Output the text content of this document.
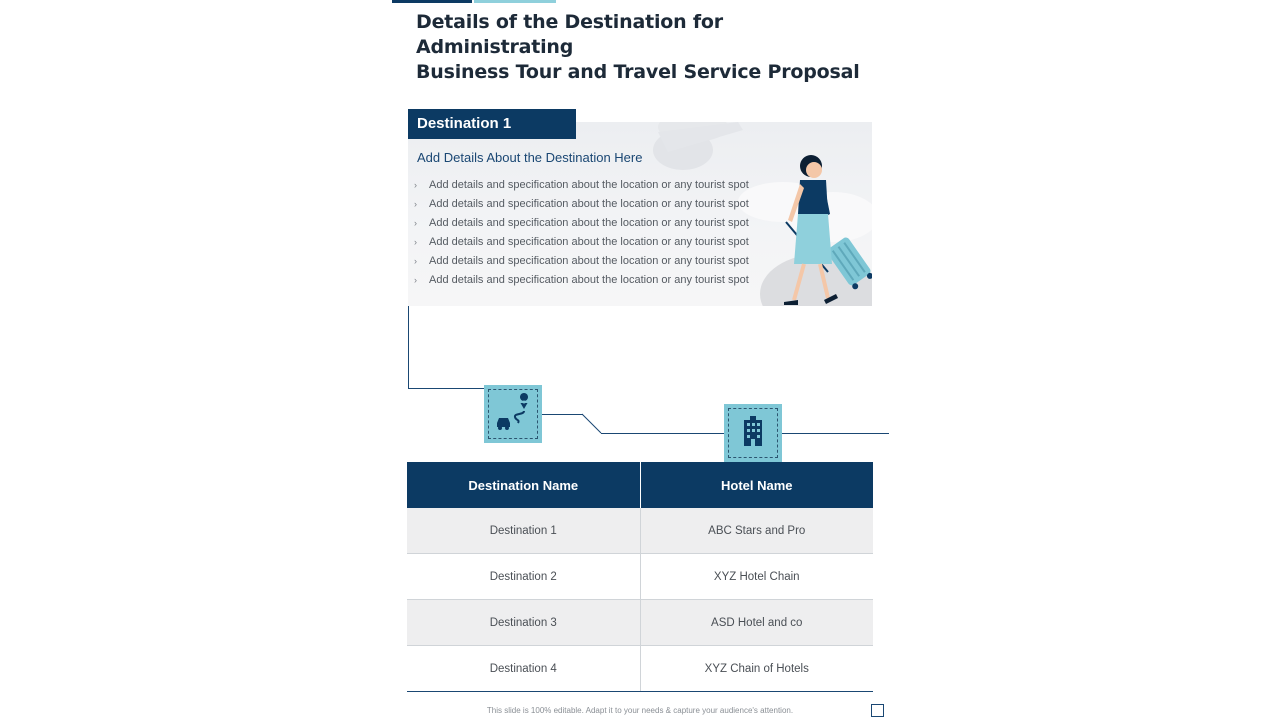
Details of the Destination for Administrating
Business Tour and Travel Service Proposal
Destination 1
Add Details About the Destination Here
› Add details and specification about the location or any tourist spot
› Add details and specification about the location or any tourist spot
› Add details and specification about the location or any tourist spot
› Add details and specification about the location or any tourist spot
› Add details and specification about the location or any tourist spot
› Add details and specification about the location or any tourist spot
Destination Name	Hotel Name
Destination 1	ABC Stars and Pro
Destination 2	XYZ Hotel Chain
Destination 3	ASD Hotel and co
Destination 4	XYZ Chain of Hotels
This slide is 100% editable. Adapt it to your needs & capture your audience's attention.
